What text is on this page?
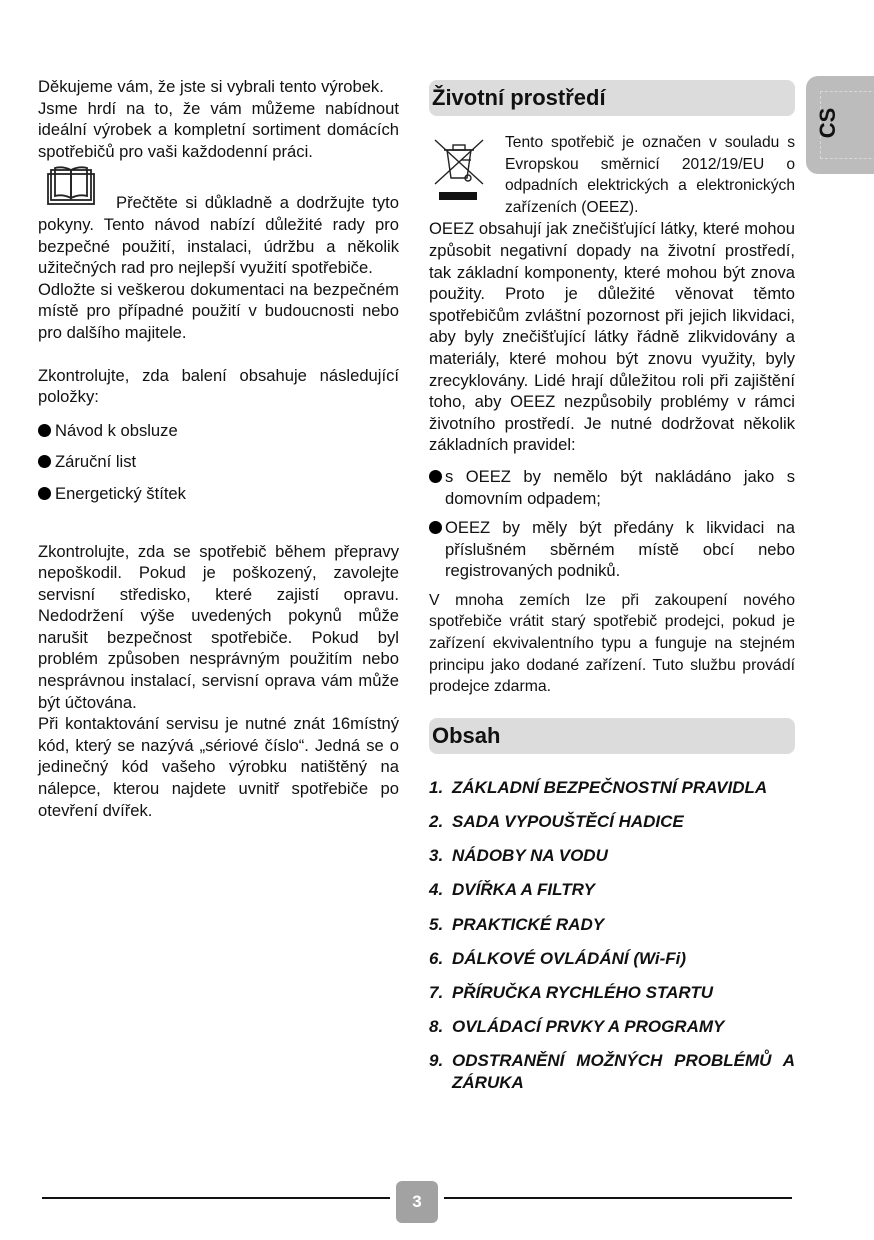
CS

Děkujeme vám, že jste si vybrali tento výrobek.

Jsme hrdí na to, že vám můžeme nabídnout ideální výrobek a kompletní sortiment domácích spotřebičů pro vaši každodenní práci.

Přečtěte si důkladně a dodržujte tyto pokyny. Tento návod nabízí důležité rady pro bezpečné použití, instalaci, údržbu a několik užitečných rad pro nejlepší využití spotřebiče.

Odložte si veškerou dokumentaci na bezpečném místě pro případné použití v budoucnosti nebo pro dalšího majitele.

Zkontrolujte, zda balení obsahuje následující položky:

Návod k obsluze
Záruční list
Energetický štítek

Zkontrolujte, zda se spotřebič během přepravy nepoškodil. Pokud je poškozený, zavolejte servisní středisko, které zajistí opravu. Nedodržení výše uvedených pokynů může narušit bezpečnost spotřebiče. Pokud byl problém způsoben nesprávným použitím nebo nesprávnou instalací, servisní oprava vám může být účtována.

Při kontaktování servisu je nutné znát 16místný kód, který se nazývá „sériové číslo“. Jedná se o jedinečný kód vašeho výrobku natištěný na nálepce, kterou najdete uvnitř spotřebiče po otevření dvířek.

Životní prostředí

Tento spotřebič je označen v souladu s Evropskou směrnicí 2012/19/EU o odpadních elektrických a elektronických zařízeních (OEEZ).

OEEZ obsahují jak znečišťující látky, které mohou způsobit negativní dopady na životní prostředí, tak základní komponenty, které mohou být znova použity. Proto je důležité věnovat těmto spotřebičům zvláštní pozornost při jejich likvidaci, aby byly znečišťující látky řádně zlikvidovány a materiály, které mohou být znovu využity, byly zrecyklovány. Lidé hrají důležitou roli při zajištění toho, aby OEEZ nezpůsobily problémy v rámci životního prostředí. Je nutné dodržovat několik základních pravidel:

s OEEZ by nemělo být nakládáno jako s domovním odpadem;
OEEZ by měly být předány k likvidaci na příslušném sběrném místě obcí nebo registrovaných podniků.

V mnoha zemích lze při zakoupení nového spotřebiče vrátit starý spotřebič prodejci, pokud je zařízení ekvivalentního typu a funguje na stejném principu jako dodané zařízení. Tuto službu provádí prodejce zdarma.

Obsah
1. ZÁKLADNÍ BEZPEČNOSTNÍ PRAVIDLA
2. SADA VYPOUŠTĚCÍ HADICE
3. NÁDOBY NA VODU
4. DVÍŘKA A FILTRY
5. PRAKTICKÉ RADY
6. DÁLKOVÉ OVLÁDÁNÍ (Wi-Fi)
7. PŘÍRUČKA RYCHLÉHO STARTU
8. OVLÁDACÍ PRVKY A PROGRAMY
9. ODSTRANĚNÍ MOŽNÝCH PROBLÉMŮ A ZÁRUKA
3
